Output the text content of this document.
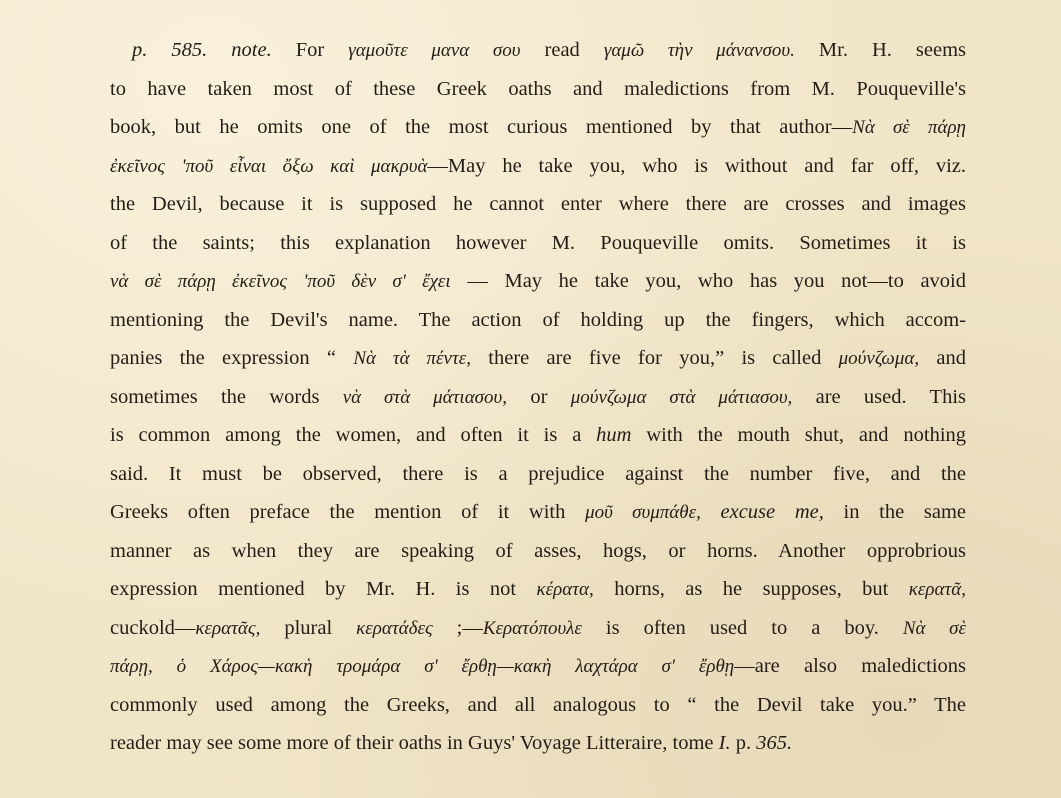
p. 585. note. For γαμοῦτε μανα σου read γαμῶ τὴν μάνανσου. Mr. H. seems
to have taken most of these Greek oaths and maledictions from M. Pouqueville's
book, but he omits one of the most curious mentioned by that author—Νὰ σὲ πάρῃ
ἐκεῖνος 'ποῦ εἶναι ὄξω καὶ μακρυὰ—May he take you, who is without and far off, viz.
the Devil, because it is supposed he cannot enter where there are crosses and images
of the saints; this explanation however M. Pouqueville omits. Sometimes it is
νὰ σὲ πάρῃ ἐκεῖνος 'ποῦ δὲν σ' ἔχει — May he take you, who has you not—to avoid
mentioning the Devil's name. The action of holding up the fingers, which accom-
panies the expression “ Νὰ τὰ πέντε, there are five for you,” is called μούνζωμα, and
sometimes the words νὰ στὰ μάτιασου, or μούνζωμα στὰ μάτιασου, are used. This
is common among the women, and often it is a hum with the mouth shut, and nothing
said. It must be observed, there is a prejudice against the number five, and the
Greeks often preface the mention of it with μοῦ συμπάθε, excuse me, in the same
manner as when they are speaking of asses, hogs, or horns. Another opprobrious
expression mentioned by Mr. H. is not κέρατα, horns, as he supposes, but κερατᾶ,
cuckold—κερατᾶς, plural κερατάδες ;—Κερατόπουλε is often used to a boy. Νὰ σὲ
πάρῃ, ὁ Χάρος—κακὴ τρομάρα σ' ἔρθῃ—κακὴ λαχτάρα σ' ἔρθῃ—are also maledictions
commonly used among the Greeks, and all analogous to “ the Devil take you.” The
reader may see some more of their oaths in Guys' Voyage Litteraire, tome I. p. 365.
